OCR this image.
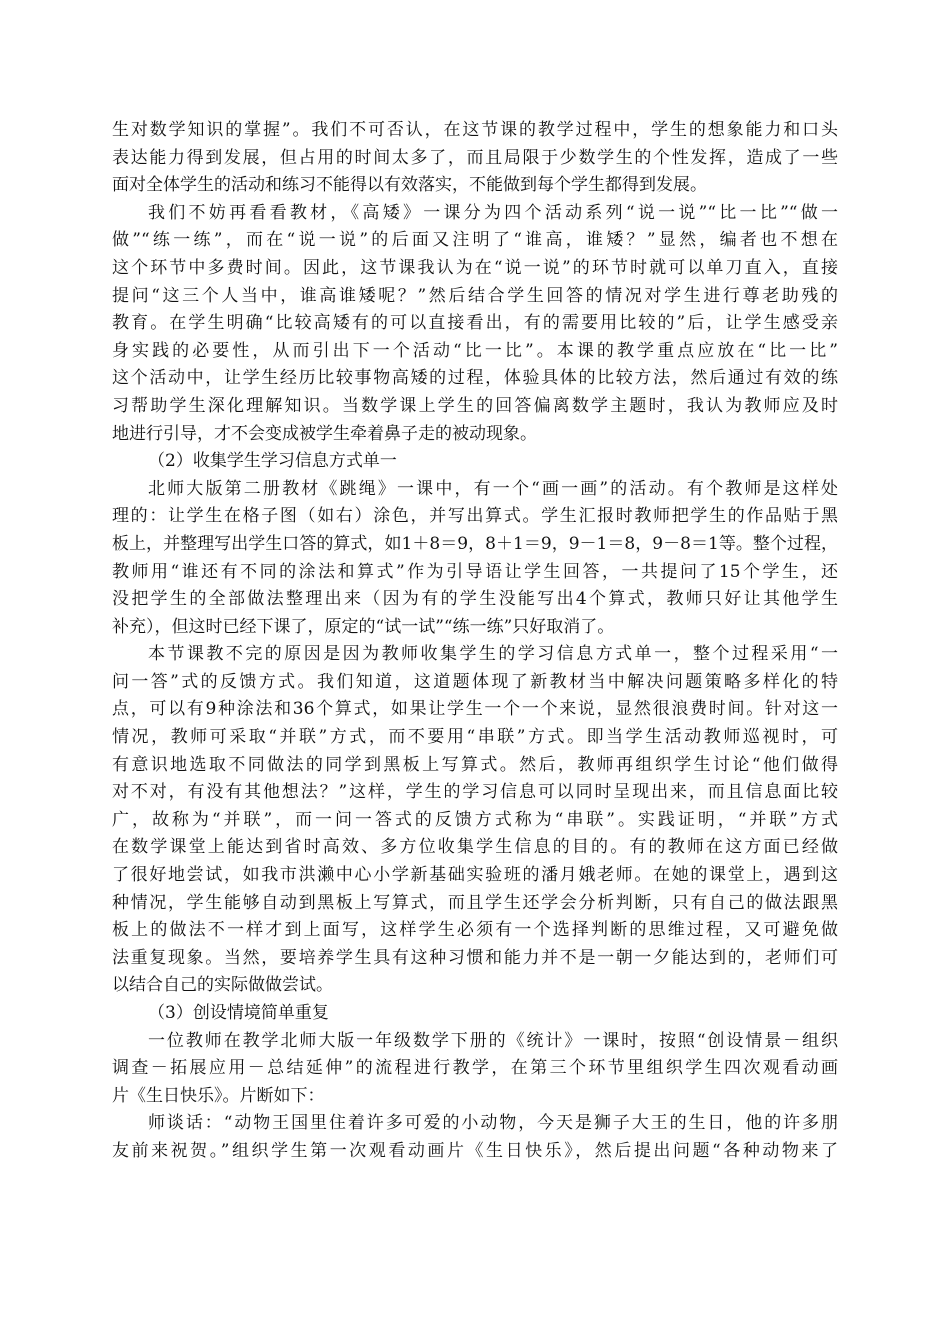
生对数学知识的掌握”。我们不可否认，在这节课的教学过程中，学生的想象能力和口头
表达能力得到发展，但占用的时间太多了，而且局限于少数学生的个性发挥，造成了一些
面对全体学生的活动和练习不能得以有效落实，不能做到每个学生都得到发展。
我们不妨再看看教材，《高矮》一课分为四个活动系列“说一说”“比一比”“做一
做”“练一练”，而在“说一说”的后面又注明了“谁高，谁矮？”显然，编者也不想在
这个环节中多费时间。因此，这节课我认为在“说一说”的环节时就可以单刀直入，直接
提问“这三个人当中，谁高谁矮呢？”然后结合学生回答的情况对学生进行尊老助残的
教育。在学生明确“比较高矮有的可以直接看出，有的需要用比较的”后，让学生感受亲
身实践的必要性，从而引出下一个活动“比一比”。本课的教学重点应放在“比一比”
这个活动中，让学生经历比较事物高矮的过程，体验具体的比较方法，然后通过有效的练
习帮助学生深化理解知识。当数学课上学生的回答偏离数学主题时，我认为教师应及时
地进行引导，才不会变成被学生牵着鼻子走的被动现象。
（2）收集学生学习信息方式单一
北师大版第二册教材《跳绳》一课中，有一个“画一画”的活动。有个教师是这样处
理的：让学生在格子图（如右）涂色，并写出算式。学生汇报时教师把学生的作品贴于黑
板上，并整理写出学生口答的算式，如1＋8＝9，8＋1＝9，9－1＝8，9－8＝1等。整个过程，
教师用“谁还有不同的涂法和算式”作为引导语让学生回答，一共提问了15个学生，还
没把学生的全部做法整理出来（因为有的学生没能写出4个算式，教师只好让其他学生
补充），但这时已经下课了，原定的“试一试”“练一练”只好取消了。
本节课教不完的原因是因为教师收集学生的学习信息方式单一，整个过程采用“一
问一答”式的反馈方式。我们知道，这道题体现了新教材当中解决问题策略多样化的特
点，可以有9种涂法和36个算式，如果让学生一个一个来说，显然很浪费时间。针对这一
情况，教师可采取“并联”方式，而不要用“串联”方式。即当学生活动教师巡视时，可
有意识地选取不同做法的同学到黑板上写算式。然后，教师再组织学生讨论“他们做得
对不对，有没有其他想法？”这样，学生的学习信息可以同时呈现出来，而且信息面比较
广，故称为“并联”，而一问一答式的反馈方式称为“串联”。实践证明，“并联”方式
在数学课堂上能达到省时高效、多方位收集学生信息的目的。有的教师在这方面已经做
了很好地尝试，如我市洪濑中心小学新基础实验班的潘月娥老师。在她的课堂上，遇到这
种情况，学生能够自动到黑板上写算式，而且学生还学会分析判断，只有自己的做法跟黑
板上的做法不一样才到上面写，这样学生必须有一个选择判断的思维过程，又可避免做
法重复现象。当然，要培养学生具有这种习惯和能力并不是一朝一夕能达到的，老师们可
以结合自己的实际做做尝试。
（3）创设情境简单重复
一位教师在教学北师大版一年级数学下册的《统计》一课时，按照“创设情景－组织
调查－拓展应用－总结延伸”的流程进行教学，在第三个环节里组织学生四次观看动画
片《生日快乐》。片断如下：
师谈话：“动物王国里住着许多可爱的小动物，今天是狮子大王的生日，他的许多朋
友前来祝贺。”组织学生第一次观看动画片《生日快乐》，然后提出问题“各种动物来了
